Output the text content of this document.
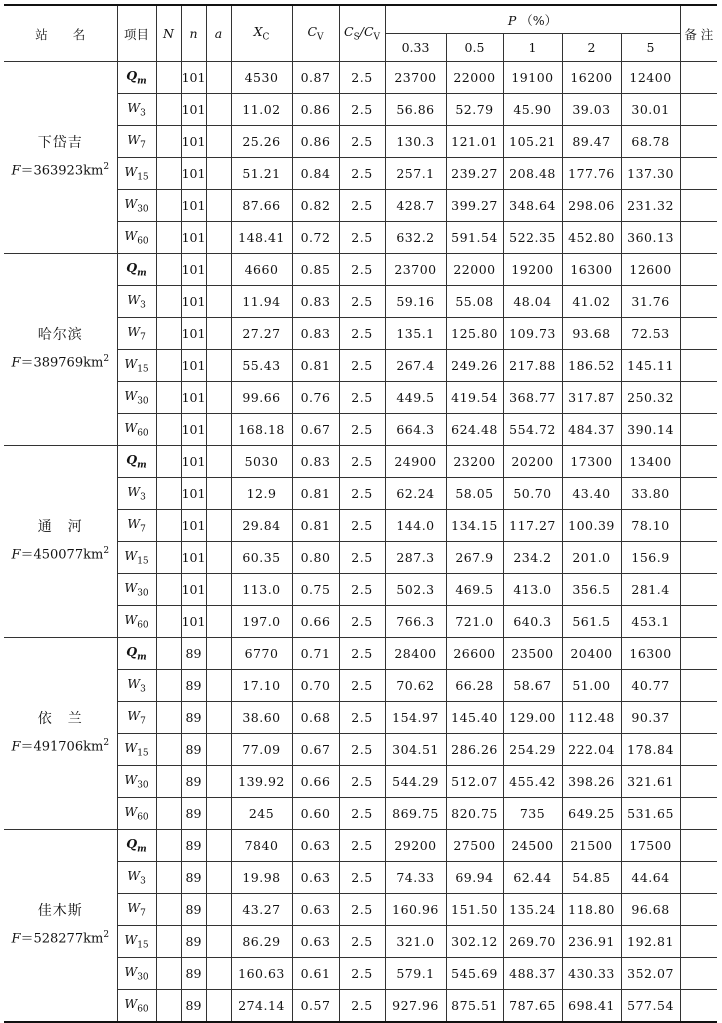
站　　名	项目	N	n	a	$X_C$	$C_V$	$C_S/C_V$	P （%）					备 注
								0.33	0.5	1	2	5	

下岱吉
$F=363923km^2$	$Q_m$		101		4530	0.87	2.5	23700	22000	19100	16200	12400	
	$W_3$		101		11.02	0.86	2.5	56.86	52.79	45.90	39.03	30.01	
	$W_7$		101		25.26	0.86	2.5	130.3	121.01	105.21	89.47	68.78	
	$W_{15}$		101		51.21	0.84	2.5	257.1	239.27	208.48	177.76	137.30	
	$W_{30}$		101		87.66	0.82	2.5	428.7	399.27	348.64	298.06	231.32	
	$W_{60}$		101		148.41	0.72	2.5	632.2	591.54	522.35	452.80	360.13	

哈尔滨
$F=389769km^2$	$Q_m$		101		4660	0.85	2.5	23700	22000	19200	16300	12600	
	$W_3$		101		11.94	0.83	2.5	59.16	55.08	48.04	41.02	31.76	
	$W_7$		101		27.27	0.83	2.5	135.1	125.80	109.73	93.68	72.53	
	$W_{15}$		101		55.43	0.81	2.5	267.4	249.26	217.88	186.52	145.11	
	$W_{30}$		101		99.66	0.76	2.5	449.5	419.54	368.77	317.87	250.32	
	$W_{60}$		101		168.18	0.67	2.5	664.3	624.48	554.72	484.37	390.14	

通　河
$F=450077km^2$	$Q_m$		101		5030	0.83	2.5	24900	23200	20200	17300	13400	
	$W_3$		101		12.9	0.81	2.5	62.24	58.05	50.70	43.40	33.80	
	$W_7$		101		29.84	0.81	2.5	144.0	134.15	117.27	100.39	78.10	
	$W_{15}$		101		60.35	0.80	2.5	287.3	267.9	234.2	201.0	156.9	
	$W_{30}$		101		113.0	0.75	2.5	502.3	469.5	413.0	356.5	281.4	
	$W_{60}$		101		197.0	0.66	2.5	766.3	721.0	640.3	561.5	453.1	

依　兰
$F=491706km^2$	$Q_m$		89		6770	0.71	2.5	28400	26600	23500	20400	16300	
	$W_3$		89		17.10	0.70	2.5	70.62	66.28	58.67	51.00	40.77	
	$W_7$		89		38.60	0.68	2.5	154.97	145.40	129.00	112.48	90.37	
	$W_{15}$		89		77.09	0.67	2.5	304.51	286.26	254.29	222.04	178.84	
	$W_{30}$		89		139.92	0.66	2.5	544.29	512.07	455.42	398.26	321.61	
	$W_{60}$		89		245	0.60	2.5	869.75	820.75	735	649.25	531.65	

佳木斯
$F=528277km^2$	$Q_m$		89		7840	0.63	2.5	29200	27500	24500	21500	17500	
	$W_3$		89		19.98	0.63	2.5	74.33	69.94	62.44	54.85	44.64	
	$W_7$		89		43.27	0.63	2.5	160.96	151.50	135.24	118.80	96.68	
	$W_{15}$		89		86.29	0.63	2.5	321.0	302.12	269.70	236.91	192.81	
	$W_{30}$		89		160.63	0.61	2.5	579.1	545.69	488.37	430.33	352.07	
	$W_{60}$		89		274.14	0.57	2.5	927.96	875.51	787.65	698.41	577.54	
